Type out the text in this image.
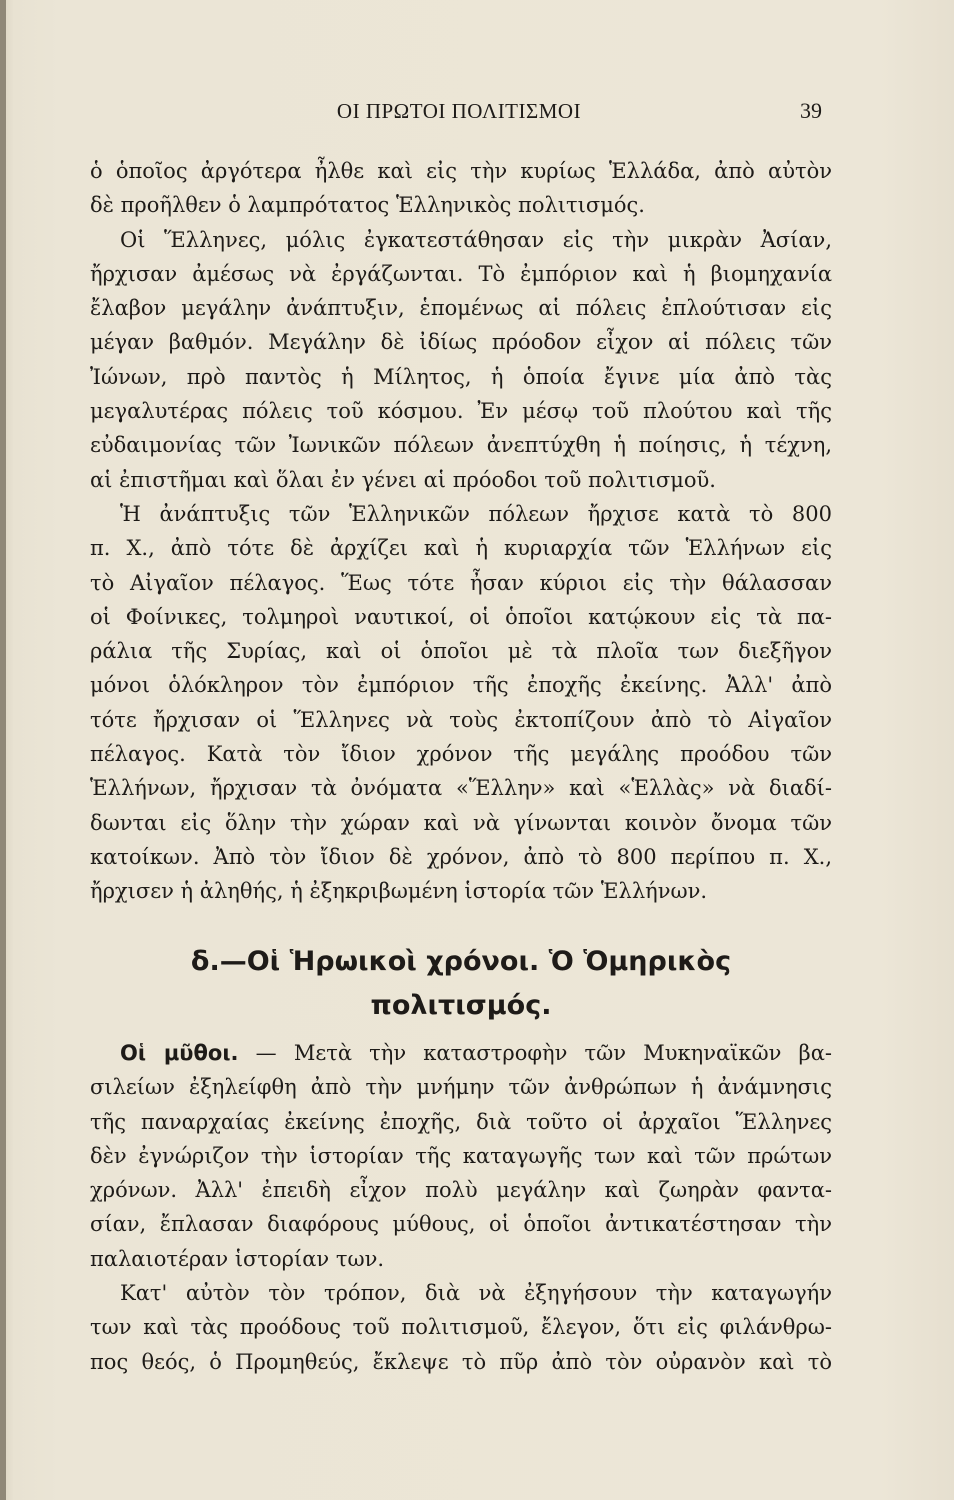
ΟΙ ΠΡΩΤΟΙ ΠΟΛΙΤΙΣΜΟΙ	39
ὁ ὁποῖος ἀργότερα ἦλθε καὶ εἰς τὴν κυρίως Ἑλλάδα, ἀπὸ αὐτὸν
δὲ προῆλθεν ὁ λαμπρότατος Ἑλληνικὸς πολιτισμός.
Οἱ Ἕλληνες, μόλις ἐγκατεστάθησαν εἰς τὴν μικρὰν Ἀσίαν,
ἤρχισαν ἀμέσως νὰ ἐργάζωνται. Τὸ ἐμπόριον καὶ ἡ βιομηχανία
ἔλαβον μεγάλην ἀνάπτυξιν, ἑπομένως αἱ πόλεις ἐπλούτισαν εἰς
μέγαν βαθμόν. Μεγάλην δὲ ἰδίως πρόοδον εἶχον αἱ πόλεις τῶν
Ἰώνων, πρὸ παντὸς ἡ Μίλητος, ἡ ὁποία ἔγινε μία ἀπὸ τὰς
μεγαλυτέρας πόλεις τοῦ κόσμου. Ἐν μέσῳ τοῦ πλούτου καὶ τῆς
εὐδαιμονίας τῶν Ἰωνικῶν πόλεων ἀνεπτύχθη ἡ ποίησις, ἡ τέχνη,
αἱ ἐπιστῆμαι καὶ ὅλαι ἐν γένει αἱ πρόοδοι τοῦ πολιτισμοῦ.
Ἡ ἀνάπτυξις τῶν Ἑλληνικῶν πόλεων ἤρχισε κατὰ τὸ 800
π. Χ., ἀπὸ τότε δὲ ἀρχίζει καὶ ἡ κυριαρχία τῶν Ἑλλήνων εἰς
τὸ Αἰγαῖον πέλαγος. Ἕως τότε ἦσαν κύριοι εἰς τὴν θάλασσαν
οἱ Φοίνικες, τολμηροὶ ναυτικοί, οἱ ὁποῖοι κατῴκουν εἰς τὰ πα-
ράλια τῆς Συρίας, καὶ οἱ ὁποῖοι μὲ τὰ πλοῖα των διεξῆγον
μόνοι ὁλόκληρον τὸν ἐμπόριον τῆς ἐποχῆς ἐκείνης. Ἀλλ' ἀπὸ
τότε ἤρχισαν οἱ Ἕλληνες νὰ τοὺς ἐκτοπίζουν ἀπὸ τὸ Αἰγαῖον
πέλαγος. Κατὰ τὸν ἴδιον χρόνον τῆς μεγάλης προόδου τῶν
Ἑλλήνων, ἤρχισαν τὰ ὀνόματα «Ἕλλην» καὶ «Ἑλλὰς» νὰ διαδί-
δωνται εἰς ὅλην τὴν χώραν καὶ νὰ γίνωνται κοινὸν ὄνομα τῶν
κατοίκων. Ἀπὸ τὸν ἴδιον δὲ χρόνον, ἀπὸ τὸ 800 περίπου π. Χ.,
ἤρχισεν ἡ ἀληθής, ἡ ἐξηκριβωμένη ἱστορία τῶν Ἑλλήνων.
δ.—Οἱ Ἡρωικοὶ χρόνοι. Ὁ Ὁμηρικὸς
πολιτισμός.
Οἱ μῦθοι. — Μετὰ τὴν καταστροφὴν τῶν Μυκηναϊκῶν βα-
σιλείων ἐξηλείφθη ἀπὸ τὴν μνήμην τῶν ἀνθρώπων ἡ ἀνάμνησις
τῆς παναρχαίας ἐκείνης ἐποχῆς, διὰ τοῦτο οἱ ἀρχαῖοι Ἕλληνες
δὲν ἐγνώριζον τὴν ἱστορίαν τῆς καταγωγῆς των καὶ τῶν πρώτων
χρόνων. Ἀλλ' ἐπειδὴ εἶχον πολὺ μεγάλην καὶ ζωηρὰν φαντα-
σίαν, ἔπλασαν διαφόρους μύθους, οἱ ὁποῖοι ἀντικατέστησαν τὴν
παλαιοτέραν ἱστορίαν των.
Κατ' αὐτὸν τὸν τρόπον, διὰ νὰ ἐξηγήσουν τὴν καταγωγήν
των καὶ τὰς προόδους τοῦ πολιτισμοῦ, ἔλεγον, ὅτι εἰς φιλάνθρω-
πος θεός, ὁ Προμηθεύς, ἔκλεψε τὸ πῦρ ἀπὸ τὸν οὐρανὸν καὶ τὸ
